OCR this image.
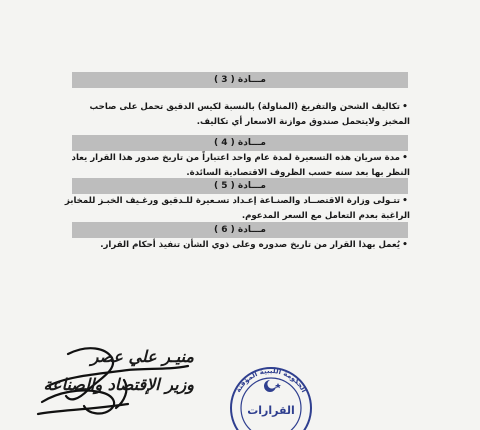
مـــادة ( 3 )
•تكاليف الشحن والتفريغ (المناولة) بالنسبة لكيس الدقيق تحمل على صاحب المخبز ولايتحمل صندوق موازنة الاسعار أي تكاليف.
مـــادة ( 4 )
•مدة سريان هذه التسعيرة لمدة عام واحد اعتباراً من تاريخ صدور هذا القرار يعاد النظر بها بعد سنه حسب الظروف الاقتصادية السائدة.
مـــادة ( 5 )
•تتـولى وزارة الاقتصــاد والصنـاعة إعـداد تسـعيرة للـدقيق ورغـيف الخبـز للمخابز الراغبة بعدم التعامل مع السعر المدعوم.
مـــادة ( 6 )
•يُعمل بهذا القرار من تاريخ صدوره وعلى ذوي الشأن تنفيذ أحكام القرار.
منيـر علي عصر
وزير الإقتصاد والصناعة	الحكومة الليبية المؤقتة
القرارات
